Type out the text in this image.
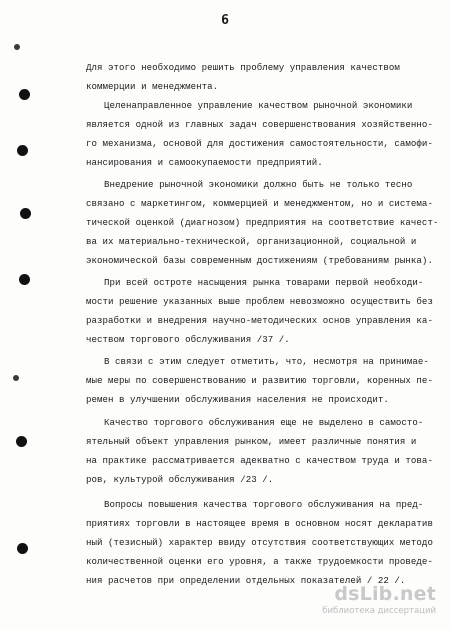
6
Для этого необходимо решить проблему управления качеством
коммерции и менеджмента.
Целенаправленное управление качеством рыночной экономики
является одной из главных задач совершенствования хозяйственно-
го механизма, основой для достижения самостоятельности, самофи-
нансирования и самоокупаемости предприятий.
Внедрение рыночной экономики должно быть не только тесно
связано с маркетингом, коммерцией и менеджментом, но и система-
тической оценкой (диагнозом) предприятия на соответствие качест-
ва их материально-технической, организационной, социальной и
экономической базы современным достижениям (требованиям рынка).
При всей остроте насыщения рынка товарами первой необходи-
мости решение указанных выше проблем невозможно осуществить без
разработки и внедрения научно-методических основ управления ка-
чеством торгового обслуживания /37 /.
В связи с этим следует отметить, что, несмотря на принимае-
мые меры по совершенствованию и развитию торговли, коренных пе-
ремен в улучшении обслуживания населения не происходит.
Качество торгового обслуживания еще не выделено в самосто-
ятельный объект управления рынком, имеет различные понятия и
на практике рассматривается адекватно с качеством труда и това-
ров, культурой обслуживания /23 /.
Вопросы повышения качества торгового обслуживания на пред-
приятиях торговли в настоящее время в основном носят декларатив
ный (тезисный) характер ввиду отсутствия соответствующих методо
количественной оценки его уровня, а также трудоемкости проведе-
ния расчетов при определении отдельных показателей / 22 /.
dsLib.net
библиотека диссертаций
